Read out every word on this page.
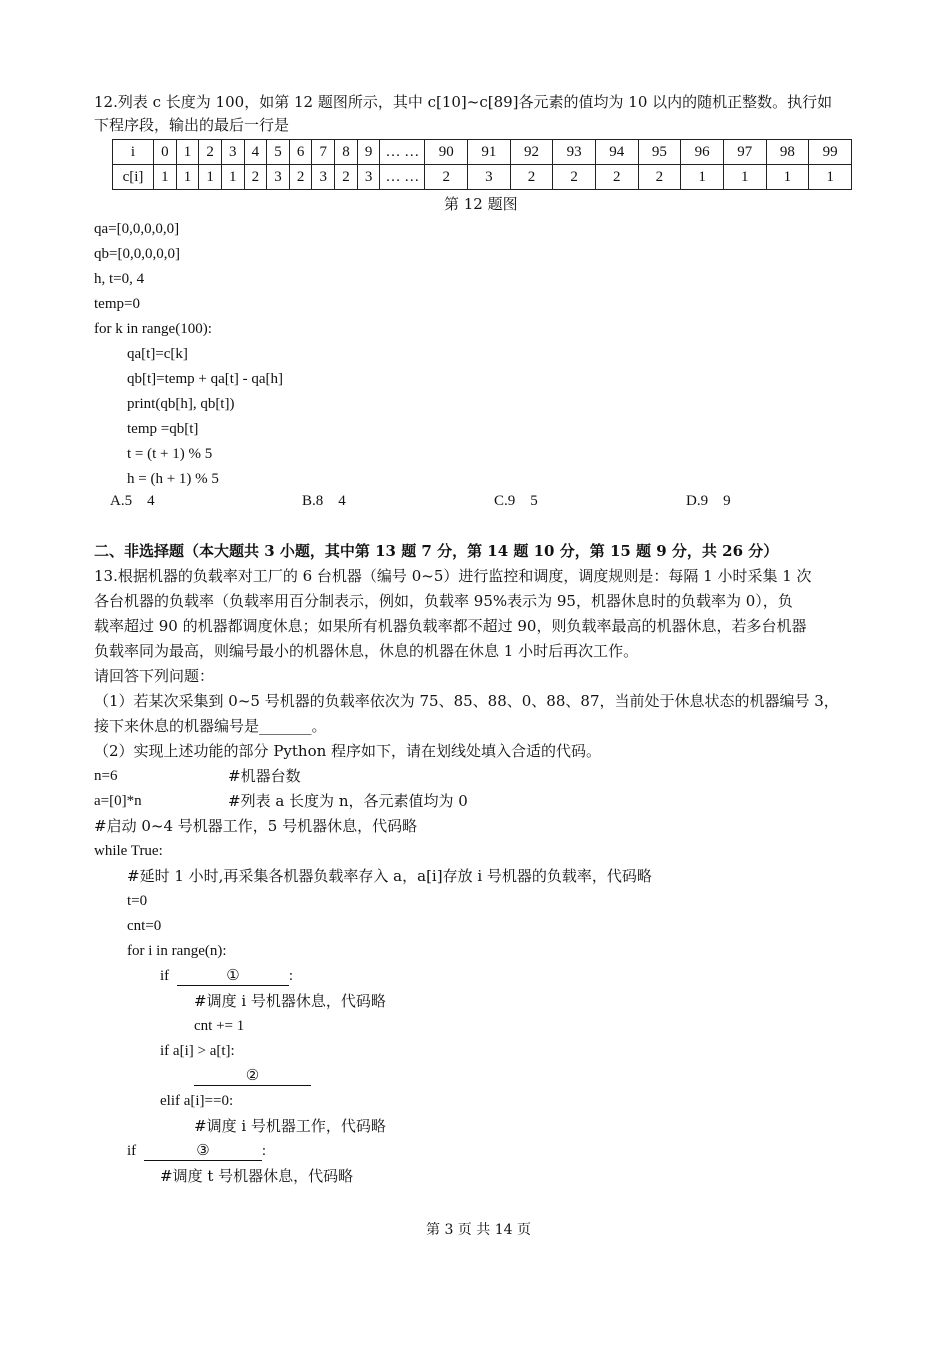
12.列表 c 长度为 100，如第 12 题图所示，其中 c[10]~c[89]各元素的值均为 10 以内的随机正整数。执行如
下程序段，输出的最后一行是
i	0	1	2	3	4	5	6	7	8	9	… …	90	91	92	93	94	95	96	97	98	99
c[i]	1	1	1	1	2	3	2	3	2	3	… …	2	3	2	2	2	2	1	1	1	1
第 12 题图
qa=[0,0,0,0,0]
qb=[0,0,0,0,0]
h, t=0, 4
temp=0
for k in range(100):
qa[t]=c[k]
qb[t]=temp + qa[t] - qa[h]
print(qb[h], qb[t])
temp =qb[t]
t = (t + 1) % 5
h = (h + 1) % 5
A.5    4	B.8    4	C.9    5	D.9    9
二、非选择题（本大题共 3 小题，其中第 13 题 7 分，第 14 题 10 分，第 15 题 9 分，共 26 分）
13.根据机器的负载率对工厂的 6 台机器（编号 0~5）进行监控和调度，调度规则是：每隔 1 小时采集 1 次
各台机器的负载率（负载率用百分制表示，例如，负载率 95%表示为 95，机器休息时的负载率为 0），负
载率超过 90 的机器都调度休息；如果所有机器负载率都不超过 90，则负载率最高的机器休息，若多台机器
负载率同为最高，则编号最小的机器休息，休息的机器在休息 1 小时后再次工作。
请回答下列问题：
（1）若某次采集到 0~5 号机器的负载率依次为 75、85、88、0、88、87，当前处于休息状态的机器编号 3，
接下来休息的机器编号是_______。
（2）实现上述功能的部分 Python 程序如下，请在划线处填入合适的代码。
n=6	#机器台数
a=[0]*n	#列表 a 长度为 n，各元素值均为 0
#启动 0~4 号机器工作，5 号机器休息，代码略
while True:
#延时 1 小时,再采集各机器负载率存入 a，a[i]存放 i 号机器的负载率，代码略
t=0
cnt=0
for i in range(n):
if	①	:
#调度 i 号机器休息，代码略
cnt += 1
if a[i] > a[t]:
②
elif a[i]==0:
#调度 i 号机器工作，代码略
if	③	:
#调度 t 号机器休息，代码略
第 3 页 共 14 页
